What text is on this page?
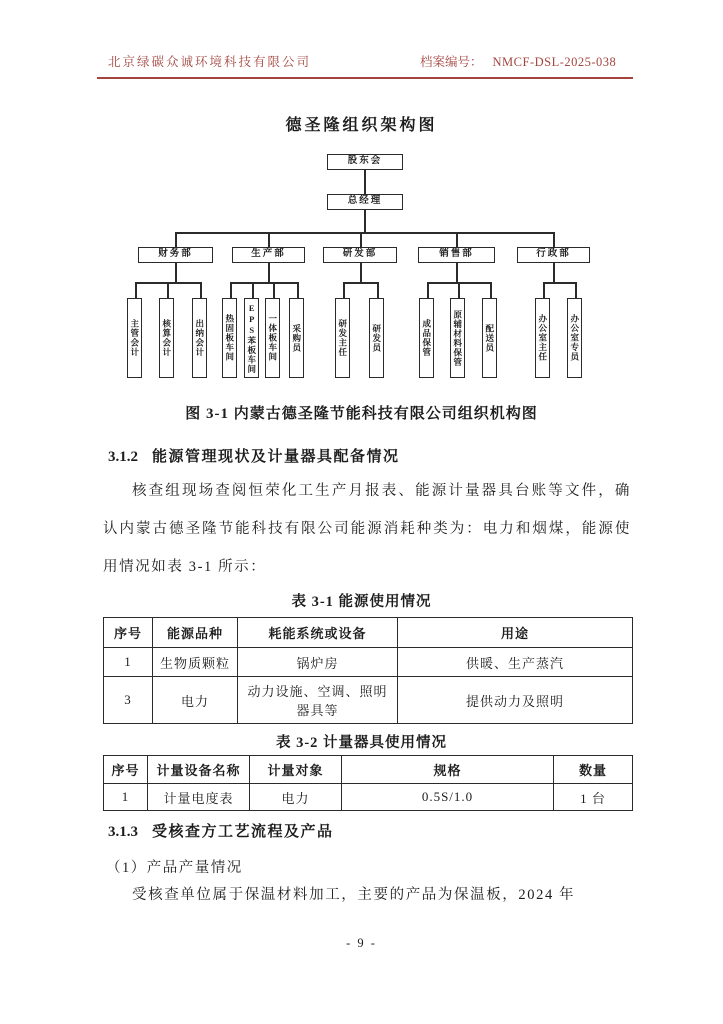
北京绿碳众诚环境科技有限公司	档案编号： NMCF-DSL-2025-038
德圣隆组织架构图
股东会
总经理
财务部	生产部	研发部	销售部	行政部
主管会计	核算会计	出纳会计	热固板车间	EPS苯板车间	一体板车间	采购员	研发主任	研发员	成品保管	原辅材料保管	配送员	办公室主任	办公室专员
图 3-1 内蒙古德圣隆节能科技有限公司组织机构图
3.1.2 能源管理现状及计量器具配备情况
核查组现场查阅恒荣化工生产月报表、能源计量器具台账等文件，确认内蒙古德圣隆节能科技有限公司能源消耗种类为：电力和烟煤，能源使用情况如表 3-1 所示：
表 3-1 能源使用情况
序号	能源品种	耗能系统或设备	用途
1	生物质颗粒	锅炉房	供暖、生产蒸汽
3	电力	动力设施、空调、照明器具等	提供动力及照明
表 3-2 计量器具使用情况
序号	计量设备名称	计量对象	规格	数量
1	计量电度表	电力	0.5S/1.0	1 台
3.1.3 受核查方工艺流程及产品
（1）产品产量情况
受核查单位属于保温材料加工，主要的产品为保温板，2024 年
- 9 -
